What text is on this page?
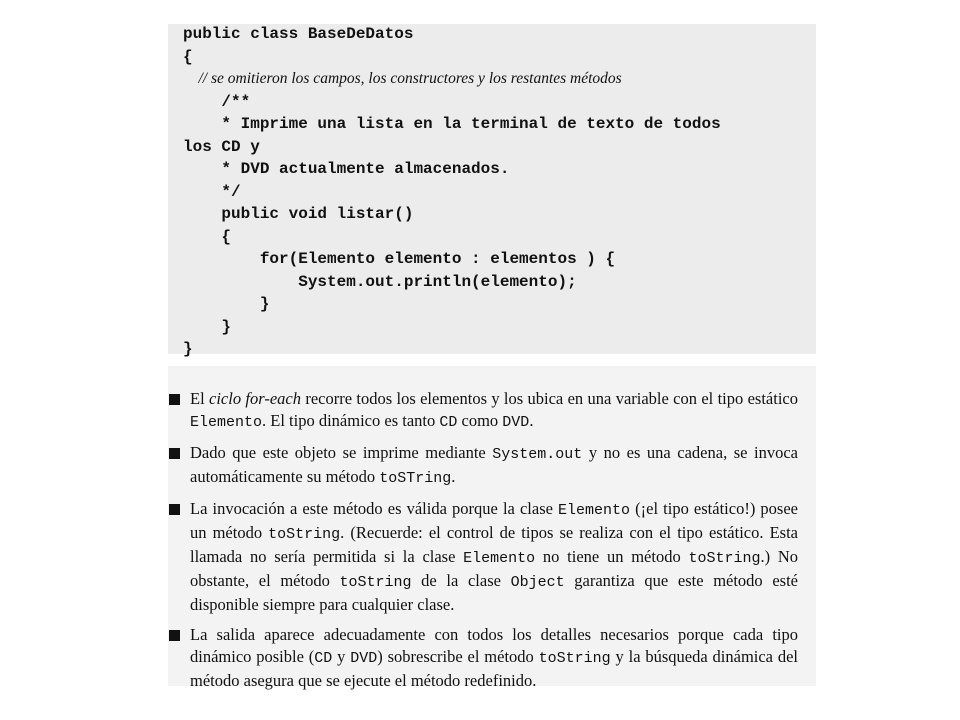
public class BaseDeDatos
{
// se omitieron los campos, los constructores y los restantes métodos
/**
* Imprime una lista en la terminal de texto de todos
los CD y
* DVD actualmente almacenados.
*/
public void listar()
{
for(Elemento elemento : elementos ) {
System.out.println(elemento);
}
}
}
El ciclo for-each recorre todos los elementos y los ubica en una variable con el tipo estático Elemento. El tipo dinámico es tanto CD como DVD.
Dado que este objeto se imprime mediante System.out y no es una cadena, se invoca automáticamente su método toSTring.
La invocación a este método es válida porque la clase Elemento (¡el tipo estático!) posee un método toString. (Recuerde: el control de tipos se realiza con el tipo estático. Esta llamada no sería permitida si la clase Elemento no tiene un método toString.) No obstante, el método toString de la clase Object garantiza que este método esté disponible siempre para cualquier clase.
La salida aparece adecuadamente con todos los detalles necesarios porque cada tipo dinámico posible (CD y DVD) sobrescribe el método toString y la búsqueda dinámica del método asegura que se ejecute el método redefinido.
